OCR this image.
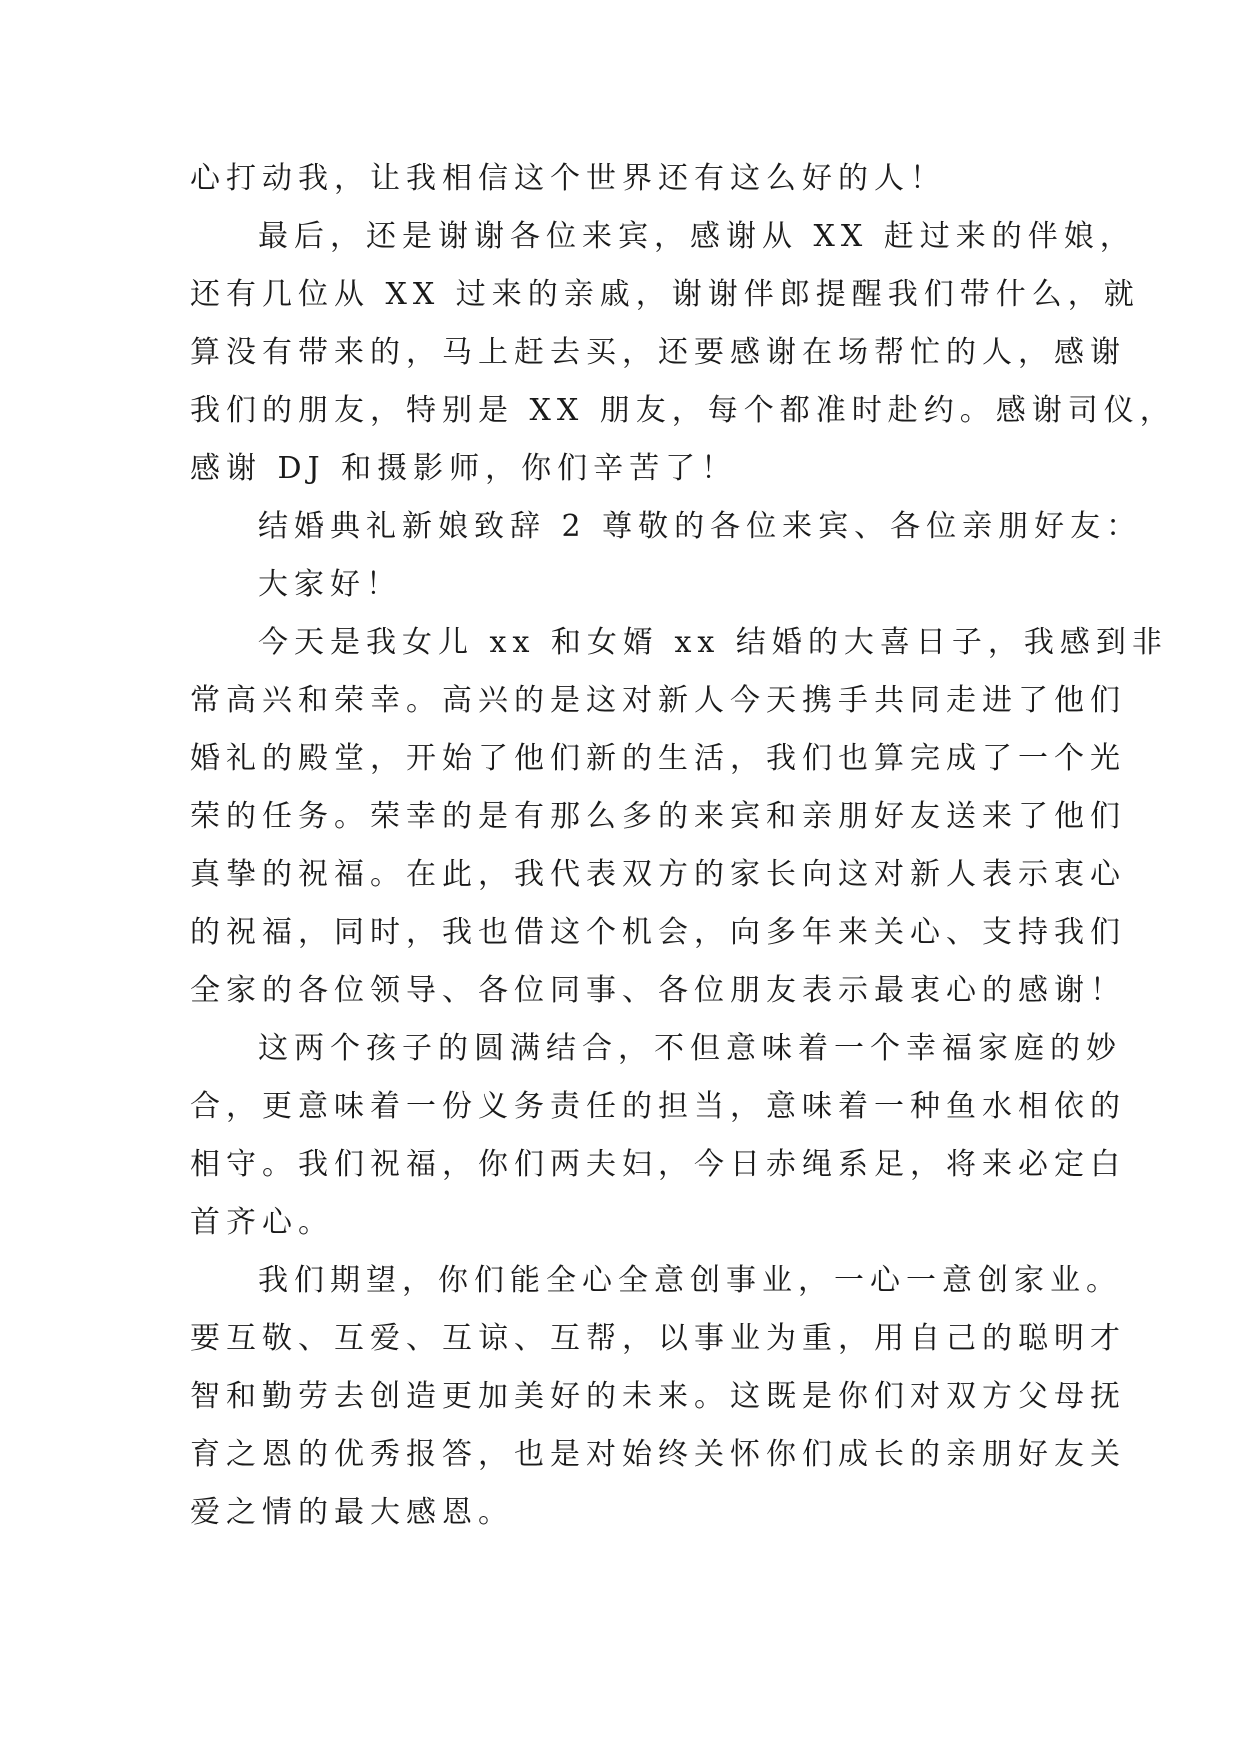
心打动我，让我相信这个世界还有这么好的人！
最后，还是谢谢各位来宾，感谢从 XX 赶过来的伴娘，
还有几位从 XX 过来的亲戚，谢谢伴郎提醒我们带什么，就
算没有带来的，马上赶去买，还要感谢在场帮忙的人，感谢
我们的朋友，特别是 XX 朋友，每个都准时赴约。感谢司仪，
感谢 DJ 和摄影师，你们辛苦了！
结婚典礼新娘致辞 2 尊敬的各位来宾、各位亲朋好友：
大家好！
今天是我女儿 xx 和女婿 xx 结婚的大喜日子，我感到非
常高兴和荣幸。高兴的是这对新人今天携手共同走进了他们
婚礼的殿堂，开始了他们新的生活，我们也算完成了一个光
荣的任务。荣幸的是有那么多的来宾和亲朋好友送来了他们
真挚的祝福。在此，我代表双方的家长向这对新人表示衷心
的祝福，同时，我也借这个机会，向多年来关心、支持我们
全家的各位领导、各位同事、各位朋友表示最衷心的感谢！
这两个孩子的圆满结合，不但意味着一个幸福家庭的妙
合，更意味着一份义务责任的担当，意味着一种鱼水相依的
相守。我们祝福，你们两夫妇，今日赤绳系足，将来必定白
首齐心。
我们期望，你们能全心全意创事业，一心一意创家业。
要互敬、互爱、互谅、互帮，以事业为重，用自己的聪明才
智和勤劳去创造更加美好的未来。这既是你们对双方父母抚
育之恩的优秀报答，也是对始终关怀你们成长的亲朋好友关
爱之情的最大感恩。
